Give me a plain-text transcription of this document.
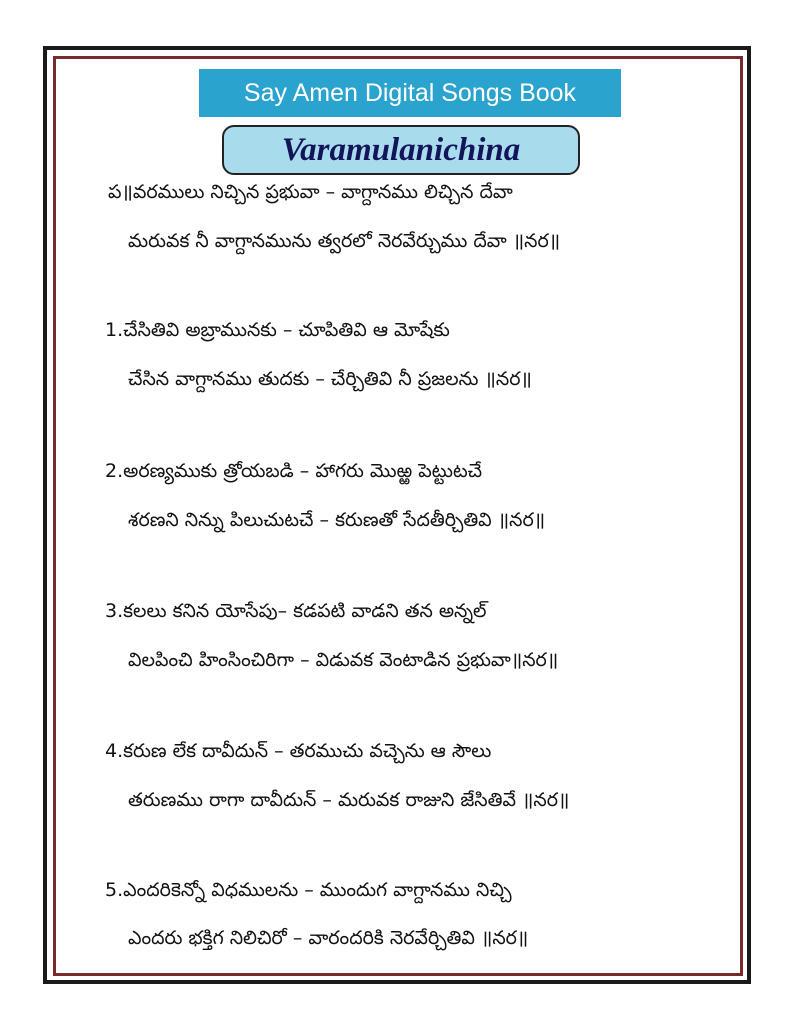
Say Amen Digital Songs Book
Varamulanichina
ప॥వరములు నిచ్చిన ప్రభువా – వాగ్దానము లిచ్చిన దేవా
మరువక నీ వాగ్దానమును త్వరలో నెరవేర్చుము దేవా ॥నర॥
1.చేసితివి అబ్రామునకు – చూపితివి ఆ మోషేకు
చేసిన వాగ్దానము తుదకు – చేర్చితివి నీ ప్రజలను ॥నర॥
2.అరణ్యముకు త్రోయబడి – హాగరు మొఱ్ఱ పెట్టుటచే
శరణని నిన్ను పిలుచుటచే – కరుణతో సేదతీర్చితివి ॥నర॥
3.కలలు కనిన యోసేపు– కడపటి వాడని తన అన్నల్
విలపించి హింసించిరిగా – విడువక వెంటాడిన ప్రభువా॥నర॥
4.కరుణ లేక దావీదున్ – తరముచు వచ్చెను ఆ సౌలు
తరుణము రాగా దావీదున్ – మరువక రాజుని జేసితివే ॥నర॥
5.ఎందరికెన్నో విధములను – ముందుగ వాగ్దానము నిచ్చి
ఎందరు భక్తిగ నిలిచిరో – వారందరికి నెరవేర్చితివి ॥నర॥
